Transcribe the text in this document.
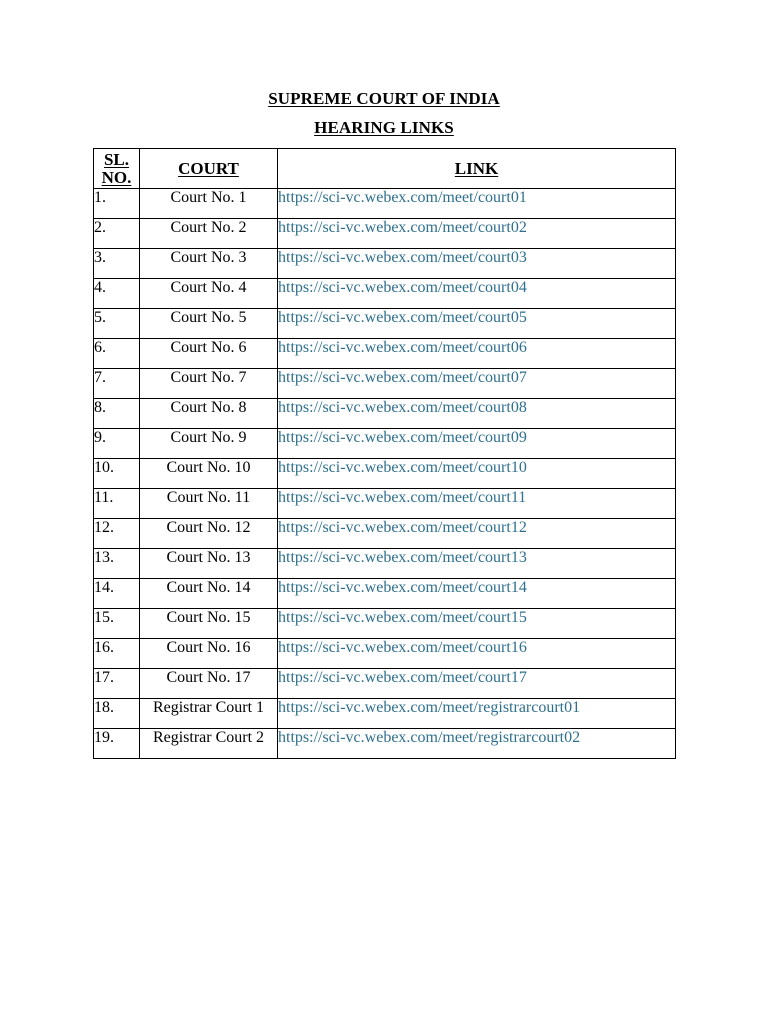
SUPREME COURT OF INDIA
HEARING LINKS
SL.
NO.	COURT	LINK
1.	Court No. 1	https://sci-vc.webex.com/meet/court01
2.	Court No. 2	https://sci-vc.webex.com/meet/court02
3.	Court No. 3	https://sci-vc.webex.com/meet/court03
4.	Court No. 4	https://sci-vc.webex.com/meet/court04
5.	Court No. 5	https://sci-vc.webex.com/meet/court05
6.	Court No. 6	https://sci-vc.webex.com/meet/court06
7.	Court No. 7	https://sci-vc.webex.com/meet/court07
8.	Court No. 8	https://sci-vc.webex.com/meet/court08
9.	Court No. 9	https://sci-vc.webex.com/meet/court09
10.	Court No. 10	https://sci-vc.webex.com/meet/court10
11.	Court No. 11	https://sci-vc.webex.com/meet/court11
12.	Court No. 12	https://sci-vc.webex.com/meet/court12
13.	Court No. 13	https://sci-vc.webex.com/meet/court13
14.	Court No. 14	https://sci-vc.webex.com/meet/court14
15.	Court No. 15	https://sci-vc.webex.com/meet/court15
16.	Court No. 16	https://sci-vc.webex.com/meet/court16
17.	Court No. 17	https://sci-vc.webex.com/meet/court17
18.	Registrar Court 1	https://sci-vc.webex.com/meet/registrarcourt01
19.	Registrar Court 2	https://sci-vc.webex.com/meet/registrarcourt02
